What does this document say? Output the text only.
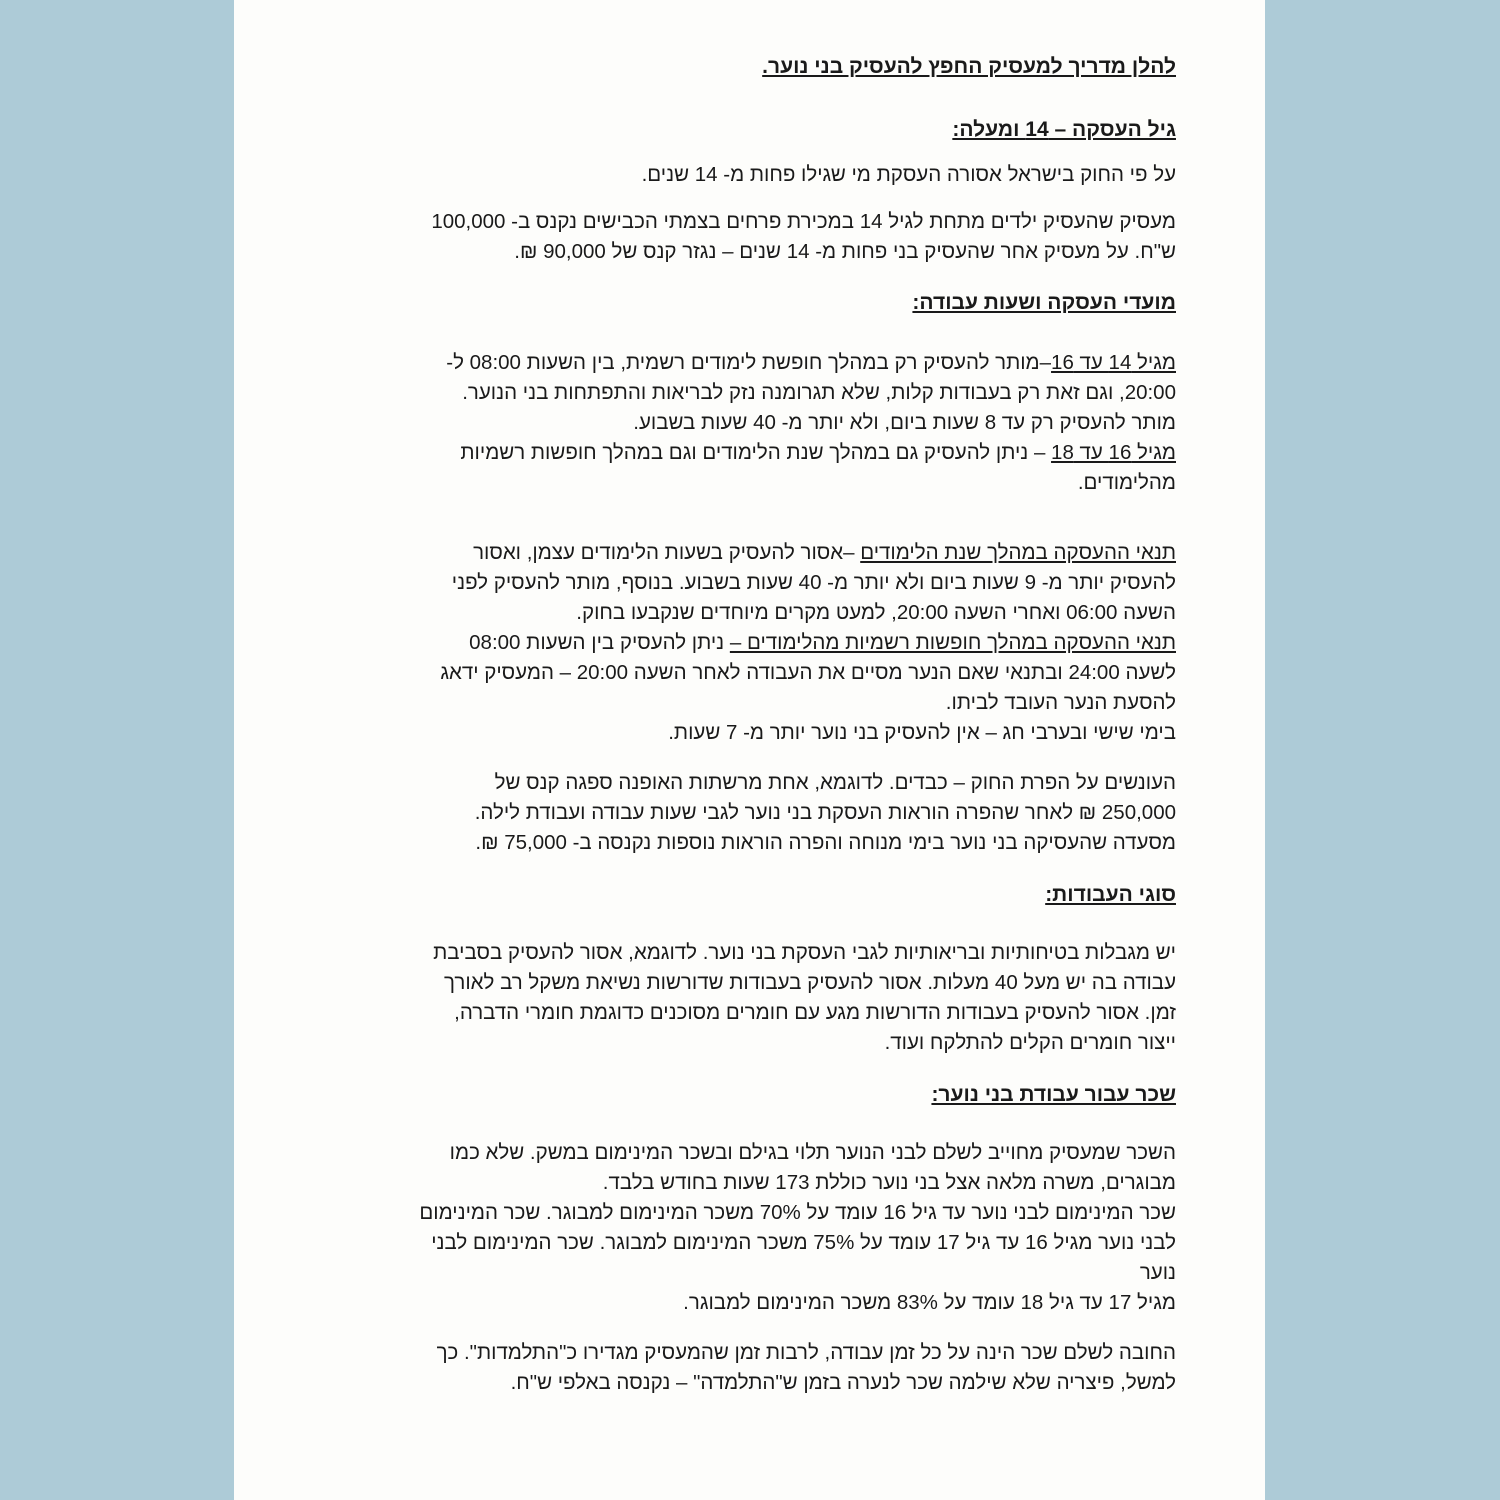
להלן מדריך למעסיק החפץ להעסיק בני נוער.
גיל העסקה – 14 ומעלה:
על פי החוק בישראל אסורה העסקת מי שגילו פחות מ- 14 שנים.
מעסיק שהעסיק ילדים מתחת לגיל 14 במכירת פרחים בצמתי הכבישים נקנס ב- 100,000
ש"ח. על מעסיק אחר שהעסיק בני פחות מ- 14 שנים – נגזר קנס של 90,000 ₪.
מועדי העסקה ושעות עבודה:
מגיל 14 עד 16–מותר להעסיק רק במהלך חופשת לימודים רשמית, בין השעות 08:00 ל-
20:00, וגם זאת רק בעבודות קלות, שלא תגרומנה נזק לבריאות והתפתחות בני הנוער.
מותר להעסיק רק עד 8 שעות ביום, ולא יותר מ- 40 שעות בשבוע.
מגיל 16 עד 18 – ניתן להעסיק גם במהלך שנת הלימודים וגם במהלך חופשות רשמיות
מהלימודים.
תנאי ההעסקה במהלך שנת הלימודים –אסור להעסיק בשעות הלימודים עצמן, ואסור
להעסיק יותר מ- 9 שעות ביום ולא יותר מ- 40 שעות בשבוע. בנוסף, מותר להעסיק לפני
השעה 06:00 ואחרי השעה 20:00, למעט מקרים מיוחדים שנקבעו בחוק.
תנאי ההעסקה במהלך חופשות רשמיות מהלימודים – ניתן להעסיק בין השעות 08:00
לשעה 24:00 ובתנאי שאם הנער מסיים את העבודה לאחר השעה 20:00 – המעסיק ידאג
להסעת הנער העובד לביתו.
בימי שישי ובערבי חג – אין להעסיק בני נוער יותר מ- 7 שעות.
העונשים על הפרת החוק – כבדים. לדוגמא, אחת מרשתות האופנה ספגה קנס של
250,000 ₪ לאחר שהפרה הוראות העסקת בני נוער לגבי שעות עבודה ועבודת לילה.
מסעדה שהעסיקה בני נוער בימי מנוחה והפרה הוראות נוספות נקנסה ב- 75,000 ₪.
סוגי העבודות:
יש מגבלות בטיחותיות ובריאותיות לגבי העסקת בני נוער. לדוגמא, אסור להעסיק בסביבת
עבודה בה יש מעל 40 מעלות. אסור להעסיק בעבודות שדורשות נשיאת משקל רב לאורך
זמן. אסור להעסיק בעבודות הדורשות מגע עם חומרים מסוכנים כדוגמת חומרי הדברה,
ייצור חומרים הקלים להתלקח ועוד.
שכר עבור עבודת בני נוער:
השכר שמעסיק מחוייב לשלם לבני הנוער תלוי בגילם ובשכר המינימום במשק. שלא כמו
מבוגרים, משרה מלאה אצל בני נוער כוללת 173 שעות בחודש בלבד.
שכר המינימום לבני נוער עד גיל 16 עומד על 70% משכר המינימום למבוגר. שכר המינימום
לבני נוער מגיל 16 עד גיל 17 עומד על 75% משכר המינימום למבוגר. שכר המינימום לבני
נוער
מגיל 17 עד גיל 18 עומד על 83% משכר המינימום למבוגר.
החובה לשלם שכר הינה על כל זמן עבודה, לרבות זמן שהמעסיק מגדירו כ"התלמדות". כך
למשל, פיצריה שלא שילמה שכר לנערה בזמן ש"התלמדה" – נקנסה באלפי ש"ח.
